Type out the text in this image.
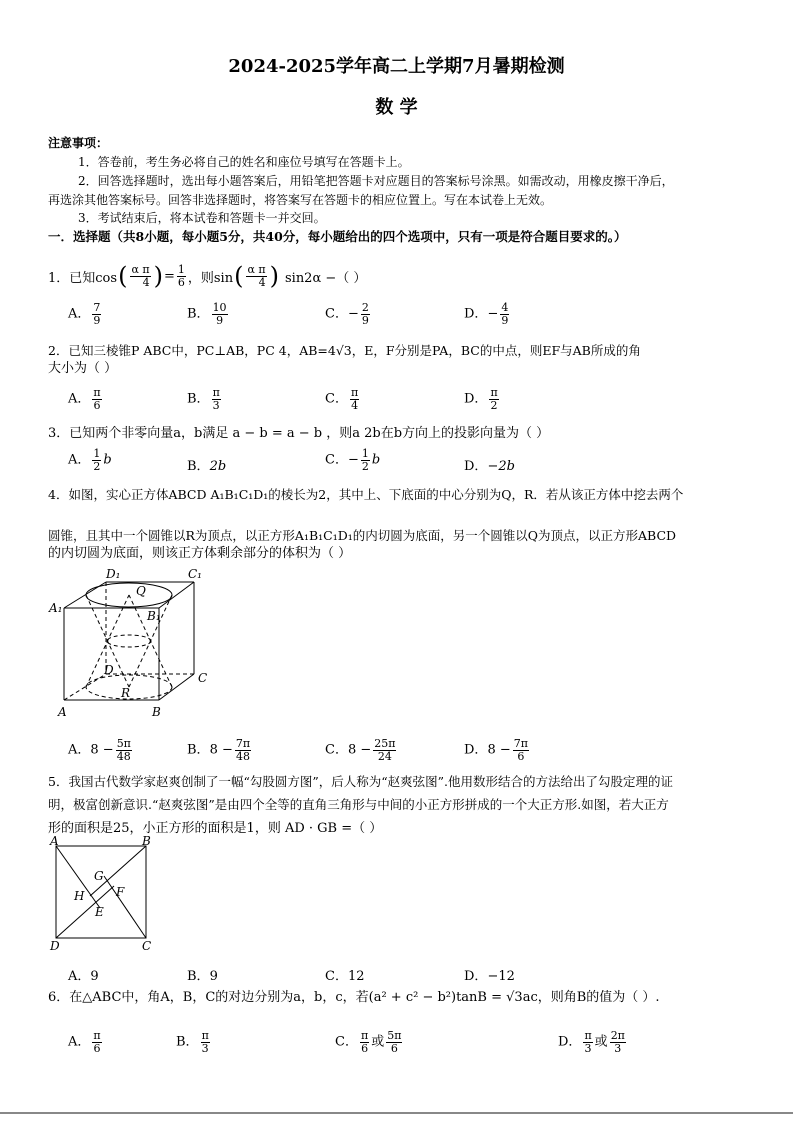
2024-2025学年高二上学期7月暑期检测
数 学
注意事项：
1．答卷前，考生务必将自己的姓名和座位号填写在答题卡上。
2．回答选择题时，选出每小题答案后，用铅笔把答题卡对应题目的答案标号涂黑。如需改动，用橡皮擦干净后，
再选涂其他答案标号。回答非选择题时，将答案写在答题卡的相应位置上。写在本试卷上无效。
3．考试结束后，将本试卷和答题卡一并交回。
一．选择题（共8小题，每小题5分，共40分，每小题给出的四个选项中，只有一项是符合题目要求的。）
1．已知cos ( $\frac{\text{α π}}{4}$ ) = $\frac{1}{6}$ ，则sin ( $\frac{\text{α π}}{4}$ ) sin2α −（ ）
A． $\frac{7}{9}$	B． $\frac{10}{9}$	C．− $\frac{2}{9}$	D．− $\frac{4}{9}$
2．已知三棱锥P ABC中，PC⊥AB，PC 4，AB=4√3，E，F分别是PA，BC的中点，则EF与AB所成的角
大小为（ ）
A． $\frac{\pi}{6}$	B． $\frac{\pi}{3}$	C． $\frac{\pi}{4}$	D． $\frac{\pi}{2}$
3．已知两个非零向量a，b满足 a − b = a − b ，则a 2b在b方向上的投影向量为（ ）
A． $\frac{1}{2}$ b	B．2b	C．− $\frac{1}{2}$ b	D．−2b
4．如图，实心正方体ABCD A₁B₁C₁D₁的棱长为2，其中上、下底面的中心分别为Q，R．若从该正方体中挖去两个
圆锥，且其中一个圆锥以R为顶点，以正方形A₁B₁C₁D₁的内切圆为底面，另一个圆锥以Q为顶点，以正方形ABCD
的内切圆为底面，则该正方体剩余部分的体积为（ ）
D₁	C₁
A₁
B₁
Q
D
R
C
A	B
A．$8 - \frac{5\pi}{48}$	B．$8 - \frac{7\pi}{48}$	C．$8 - \frac{25\pi}{24}$	D．$8 - \frac{7\pi}{6}$
5．我国古代数学家赵爽创制了一幅“勾股圆方图”，后人称为“赵爽弦图”.他用数形结合的方法给出了勾股定理的证
明，极富创新意识.“赵爽弦图”是由四个全等的直角三角形与中间的小正方形拼成的一个大正方形.如图，若大正方
形的面积是25，小正方形的面积是1，则 AD · GB =（ ）
A	B
G
F
H
E
D	C
A．9	B．9	C．12	D．−12
6．在△ABC中，角A，B，C的对边分别为a，b，c，若(a² + c² − b²)tanB = √3ac，则角B的值为（ ）.
A． $\frac{\pi}{6}$	B． $\frac{\pi}{3}$	C． $\frac{\pi}{6}$ 或 $\frac{5\pi}{6}$	D． $\frac{\pi}{3}$ 或 $\frac{2\pi}{3}$
